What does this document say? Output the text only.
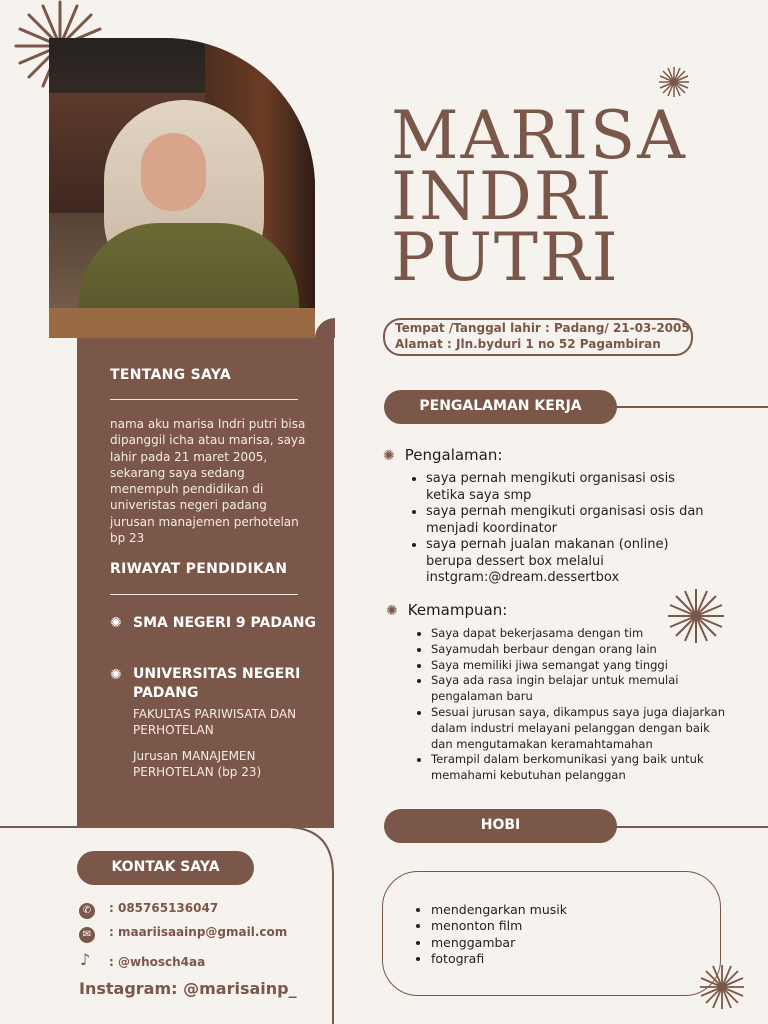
TENTANG SAYA
nama aku marisa Indri putri bisa dipanggil icha atau marisa, saya lahir pada 21 maret 2005, sekarang saya sedang menempuh pendidikan di univeristas negeri padang jurusan manajemen perhotelan bp 23
RIWAYAT PENDIDIKAN
✺ SMA NEGERI 9 PADANG
✺ UNIVERSITAS NEGERI PADANG
FAKULTAS PARIWISATA DAN PERHOTELAN
Jurusan MANAJEMEN PERHOTELAN (bp 23)
MARISA
INDRI
PUTRI
Tempat /Tanggal lahir : Padang/ 21-03-2005
Alamat : Jln.byduri 1 no 52 Pagambiran
PENGALAMAN KERJA
✺ Pengalaman:
• saya pernah mengikuti organisasi osis ketika saya smp
• saya pernah mengikuti organisasi osis dan menjadi koordinator
• saya pernah jualan makanan (online) berupa dessert box melalui instgram:@dream.dessertbox
✺ Kemampuan:
• Saya dapat bekerjasama dengan tim
• Sayamudah berbaur dengan orang lain
• Saya memiliki jiwa semangat yang tinggi
• Saya ada rasa ingin belajar untuk memulai pengalaman baru
• Sesuai jurusan saya, dikampus saya juga diajarkan dalam industri melayani pelanggan dengan baik dan mengutamakan keramahtamahan
• Terampil dalam berkomunikasi yang baik untuk memahami kebutuhan pelanggan
HOBI
• mendengarkan musik
• menonton film
• menggambar
• fotografi
KONTAK SAYA
✆	: 085765136047
✉	: maariisaainp@gmail.com
♪ : @whosch4aa
Instagram: @marisainp_
